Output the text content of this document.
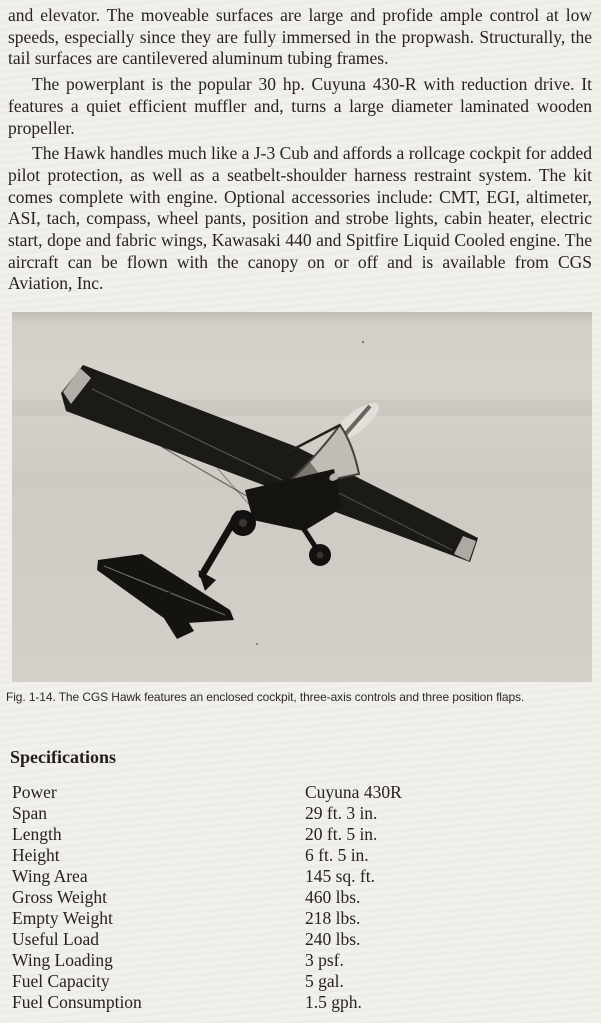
and elevator. The moveable surfaces are large and profide ample control at low speeds, especially since they are fully immersed in the propwash. Structurally, the tail surfaces are cantilevered aluminum tubing frames.

The powerplant is the popular 30 hp. Cuyuna 430-R with reduction drive. It features a quiet efficient muffler and, turns a large diameter laminated wooden propeller.

The Hawk handles much like a J-3 Cub and affords a rollcage cockpit for added pilot protection, as well as a seatbelt-shoulder harness restraint system. The kit comes complete with engine. Optional accessories include: CMT, EGI, altimeter, ASI, tach, compass, wheel pants, position and strobe lights, cabin heater, electric start, dope and fabric wings, Kawasaki 440 and Spitfire Liquid Cooled engine. The aircraft can be flown with the canopy on or off and is available from CGS Aviation, Inc.

Fig. 1-14. The CGS Hawk features an enclosed cockpit, three-axis controls and three position flaps.

Specifications
Power	Cuyuna 430R
Span	29 ft. 3 in.
Length	20 ft. 5 in.
Height	6 ft. 5 in.
Wing Area	145 sq. ft.
Gross Weight	460 lbs.
Empty Weight	218 lbs.
Useful Load	240 lbs.
Wing Loading	3 psf.
Fuel Capacity	5 gal.
Fuel Consumption	1.5 gph.
